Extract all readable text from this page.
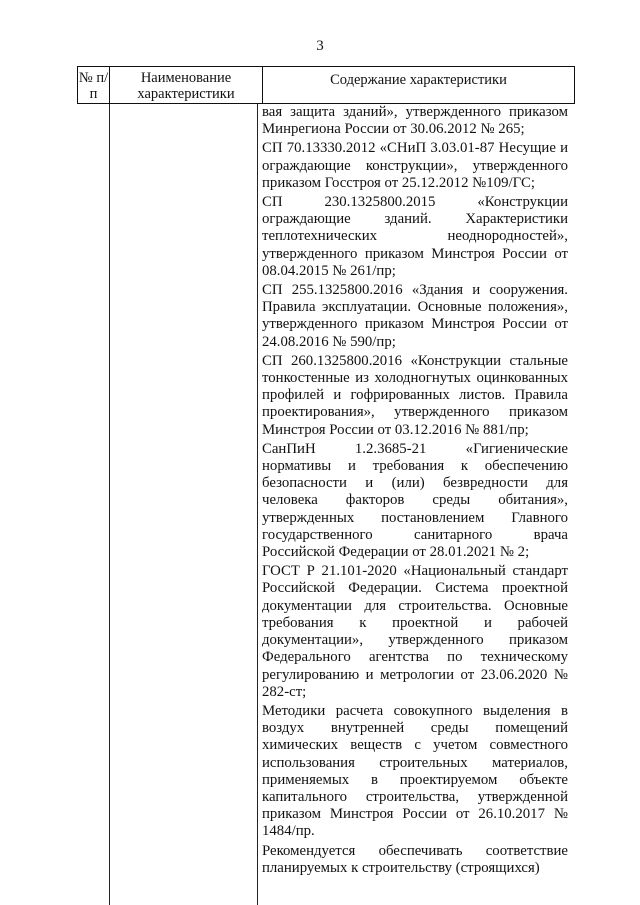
3
№ п/п
Наименование характеристики
Содержание характеристики

вая защита зданий», утвержденного приказом Минрегиона России от 30.06.2012 № 265;

СП 70.13330.2012 «СНиП 3.03.01-87 Несущие и ограждающие конструкции», утвержденного приказом Госстроя от 25.12.2012 №109/ГС;

СП 230.1325800.2015 «Конструкции ограждающие зданий. Характеристики теплотехнических неоднородностей», утвержденного приказом Минстроя России от 08.04.2015 № 261/пр;

СП 255.1325800.2016 «Здания и сооружения. Правила эксплуатации. Основные положения», утвержденного приказом Минстроя России от 24.08.2016 № 590/пр;

СП 260.1325800.2016 «Конструкции стальные тонкостенные из холодногнутых оцинкованных профилей и гофрированных листов. Правила проектирования», утвержденного приказом Минстроя России от 03.12.2016 № 881/пр;

СанПиН 1.2.3685-21 «Гигиенические нормативы и требования к обеспечению безопасности и (или) безвредности для человека факторов среды обитания», утвержденных постановлением Главного государственного санитарного врача Российской Федерации от 28.01.2021 № 2;

ГОСТ Р 21.101-2020 «Национальный стандарт Российской Федерации. Система проектной документации для строительства. Основные требования к проектной и рабочей документации», утвержденного приказом Федерального агентства по техническому регулированию и метрологии от 23.06.2020 № 282-ст;

Методики расчета совокупного выделения в воздух внутренней среды помещений химических веществ с учетом совместного использования строительных материалов, применяемых в проектируемом объекте капитального строительства, утвержденной приказом Минстроя России от 26.10.2017 № 1484/пр.

Рекомендуется обеспечивать соответствие планируемых к строительству (строящихся)
